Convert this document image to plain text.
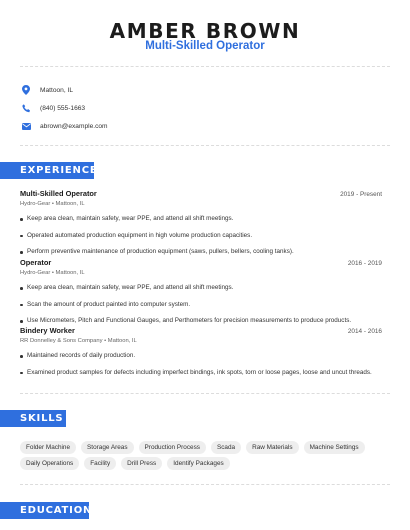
AMBER BROWN
Multi-Skilled Operator
Mattoon, IL
(840) 555-1663
abrown@example.com
EXPERIENCE
Multi-Skilled Operator	2019 - Present
Hydro-Gear • Mattoon, IL
Keep area clean, maintain safety, wear PPE, and attend all shift meetings.
Operated automated production equipment in high volume production capacities.
Perform preventive maintenance of production equipment (saws, pullers, bellers, cooling tanks).
Operator	2016 - 2019
Hydro-Gear • Mattoon, IL
Keep area clean, maintain safety, wear PPE, and attend all shift meetings.
Scan the amount of product painted into computer system.
Use Micrometers, Pitch and Functional Gauges, and Perthometers for precision measurements to produce products.
Bindery Worker	2014 - 2016
RR Donnelley & Sons Company • Mattoon, IL
Maintained records of daily production.
Examined product samples for defects including imperfect bindings, ink spots, torn or loose pages, loose and uncut threads.
SKILLS
Folder Machine	Storage Areas	Production Process	Scada	Raw Materials	Machine Settings
Daily Operations	Facility	Drill Press	Identify Packages
EDUCATION
